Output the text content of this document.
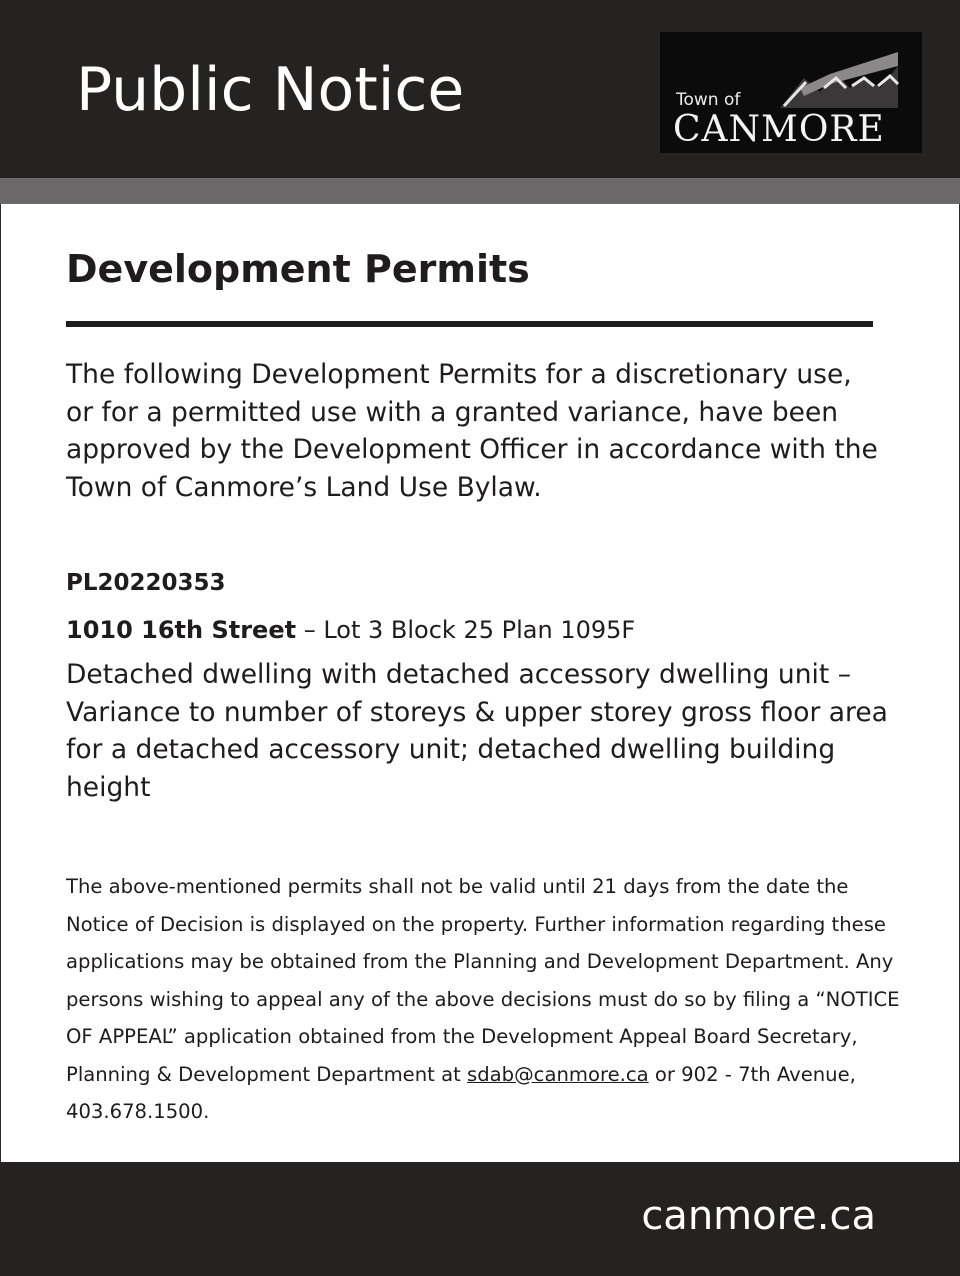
Public Notice	Town of
CANMORE
Development Permits

The following Development Permits for a discretionary use, or for a permitted use with a granted variance, have been approved by the Development Officer in accordance with the Town of Canmore’s Land Use Bylaw.

PL20220353
1010 16th Street – Lot 3 Block 25 Plan 1095F

Detached dwelling with detached accessory dwelling unit – Variance to number of storeys & upper storey gross floor area for a detached accessory unit; detached dwelling building height

The above-mentioned permits shall not be valid until 21 days from the date the Notice of Decision is displayed on the property. Further information regarding these applications may be obtained from the Planning and Development Department. Any persons wishing to appeal any of the above decisions must do so by filing a “NOTICE OF APPEAL” application obtained from the Development Appeal Board Secretary, Planning & Development Department at sdab@canmore.ca or 902 - 7th Avenue, 403.678.1500.

canmore.ca
